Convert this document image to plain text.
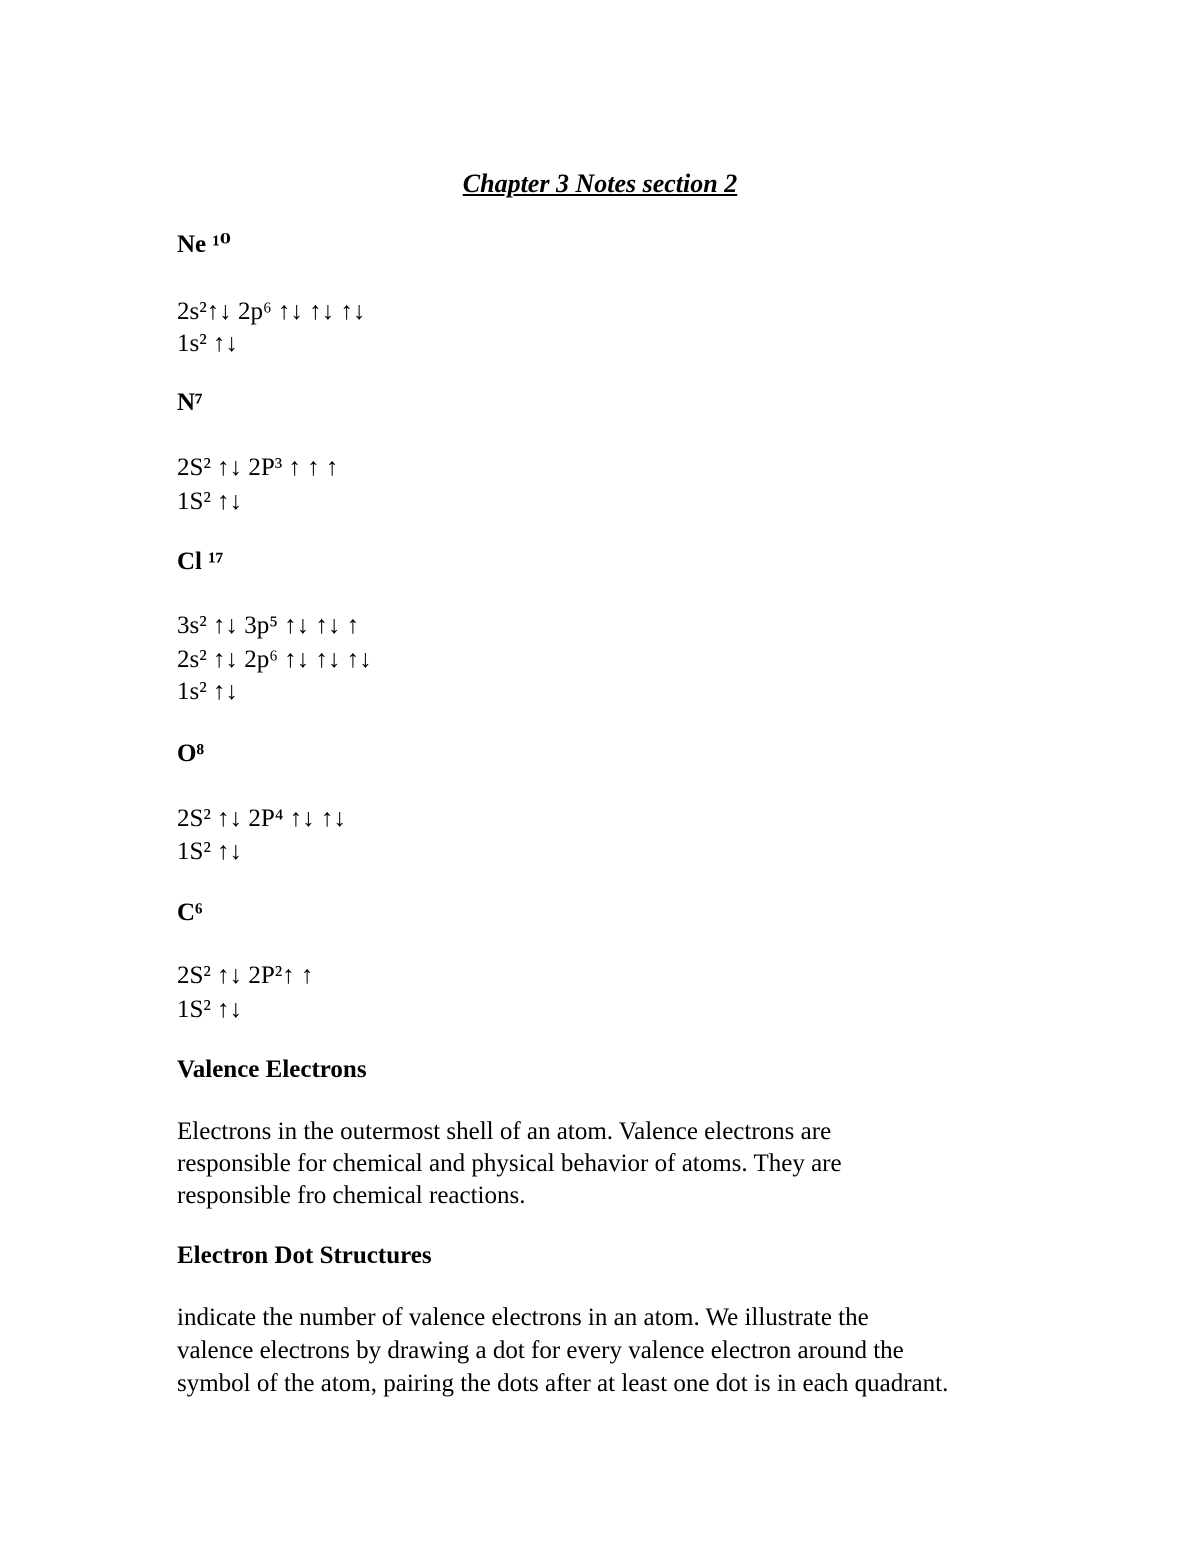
Chapter 3 Notes section 2
Ne ¹⁰
2s²↑↓ 2p⁶ ↑↓ ↑↓ ↑↓
1s² ↑↓
N⁷
2S² ↑↓ 2P³ ↑ ↑ ↑
1S² ↑↓
Cl ¹⁷
3s² ↑↓ 3p⁵ ↑↓ ↑↓ ↑
2s² ↑↓ 2p⁶ ↑↓ ↑↓ ↑↓
1s² ↑↓
O⁸
2S² ↑↓ 2P⁴ ↑↓ ↑↓
1S² ↑↓
C⁶
2S² ↑↓ 2P²↑ ↑
1S² ↑↓
Valence Electrons
Electrons in the outermost shell of an atom. Valence electrons are
responsible for chemical and physical behavior of atoms. They are
responsible fro chemical reactions.
Electron Dot Structures
indicate the number of valence electrons in an atom. We illustrate the
valence electrons by drawing a dot for every valence electron around the
symbol of the atom, pairing the dots after at least one dot is in each quadrant.
